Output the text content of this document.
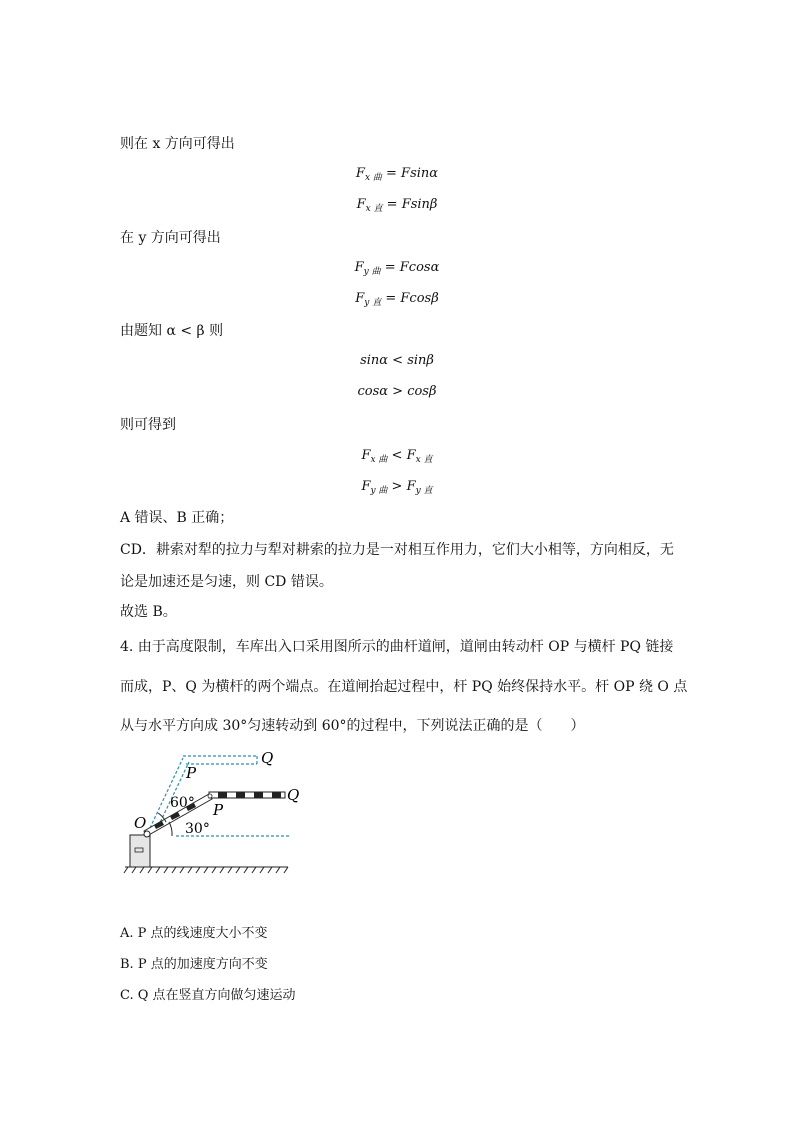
则在 x 方向可得出
$F_{x 曲} = Fsin\alpha$
$F_{x 直} = Fsin\beta$
在 y 方向可得出
$F_{y 曲} = Fcos\alpha$
$F_{y 直} = Fcos\beta$
由题知 α < β 则
sinα < sinβ
cosα > cosβ
则可得到
$F_{x 曲} < F_{x 直}$
$F_{y 曲} > F_{y 直}$
A 错误、B 正确；
CD．耕索对犁的拉力与犁对耕索的拉力是一对相互作用力，它们大小相等，方向相反，无
论是加速还是匀速，则 CD 错误。
故选 B。
4. 由于高度限制，车库出入口采用图所示的曲杆道闸，道闸由转动杆 OP 与横杆 PQ 链接
而成，P、Q 为横杆的两个端点。在道闸抬起过程中，杆 PQ 始终保持水平。杆 OP 绕 O 点
从与水平方向成 30°匀速转动到 60°的过程中，下列说法正确的是（　　）
Q
P
Q
P
60°
O	30°
A. P 点的线速度大小不变
B. P 点的加速度方向不变
C. Q 点在竖直方向做匀速运动
